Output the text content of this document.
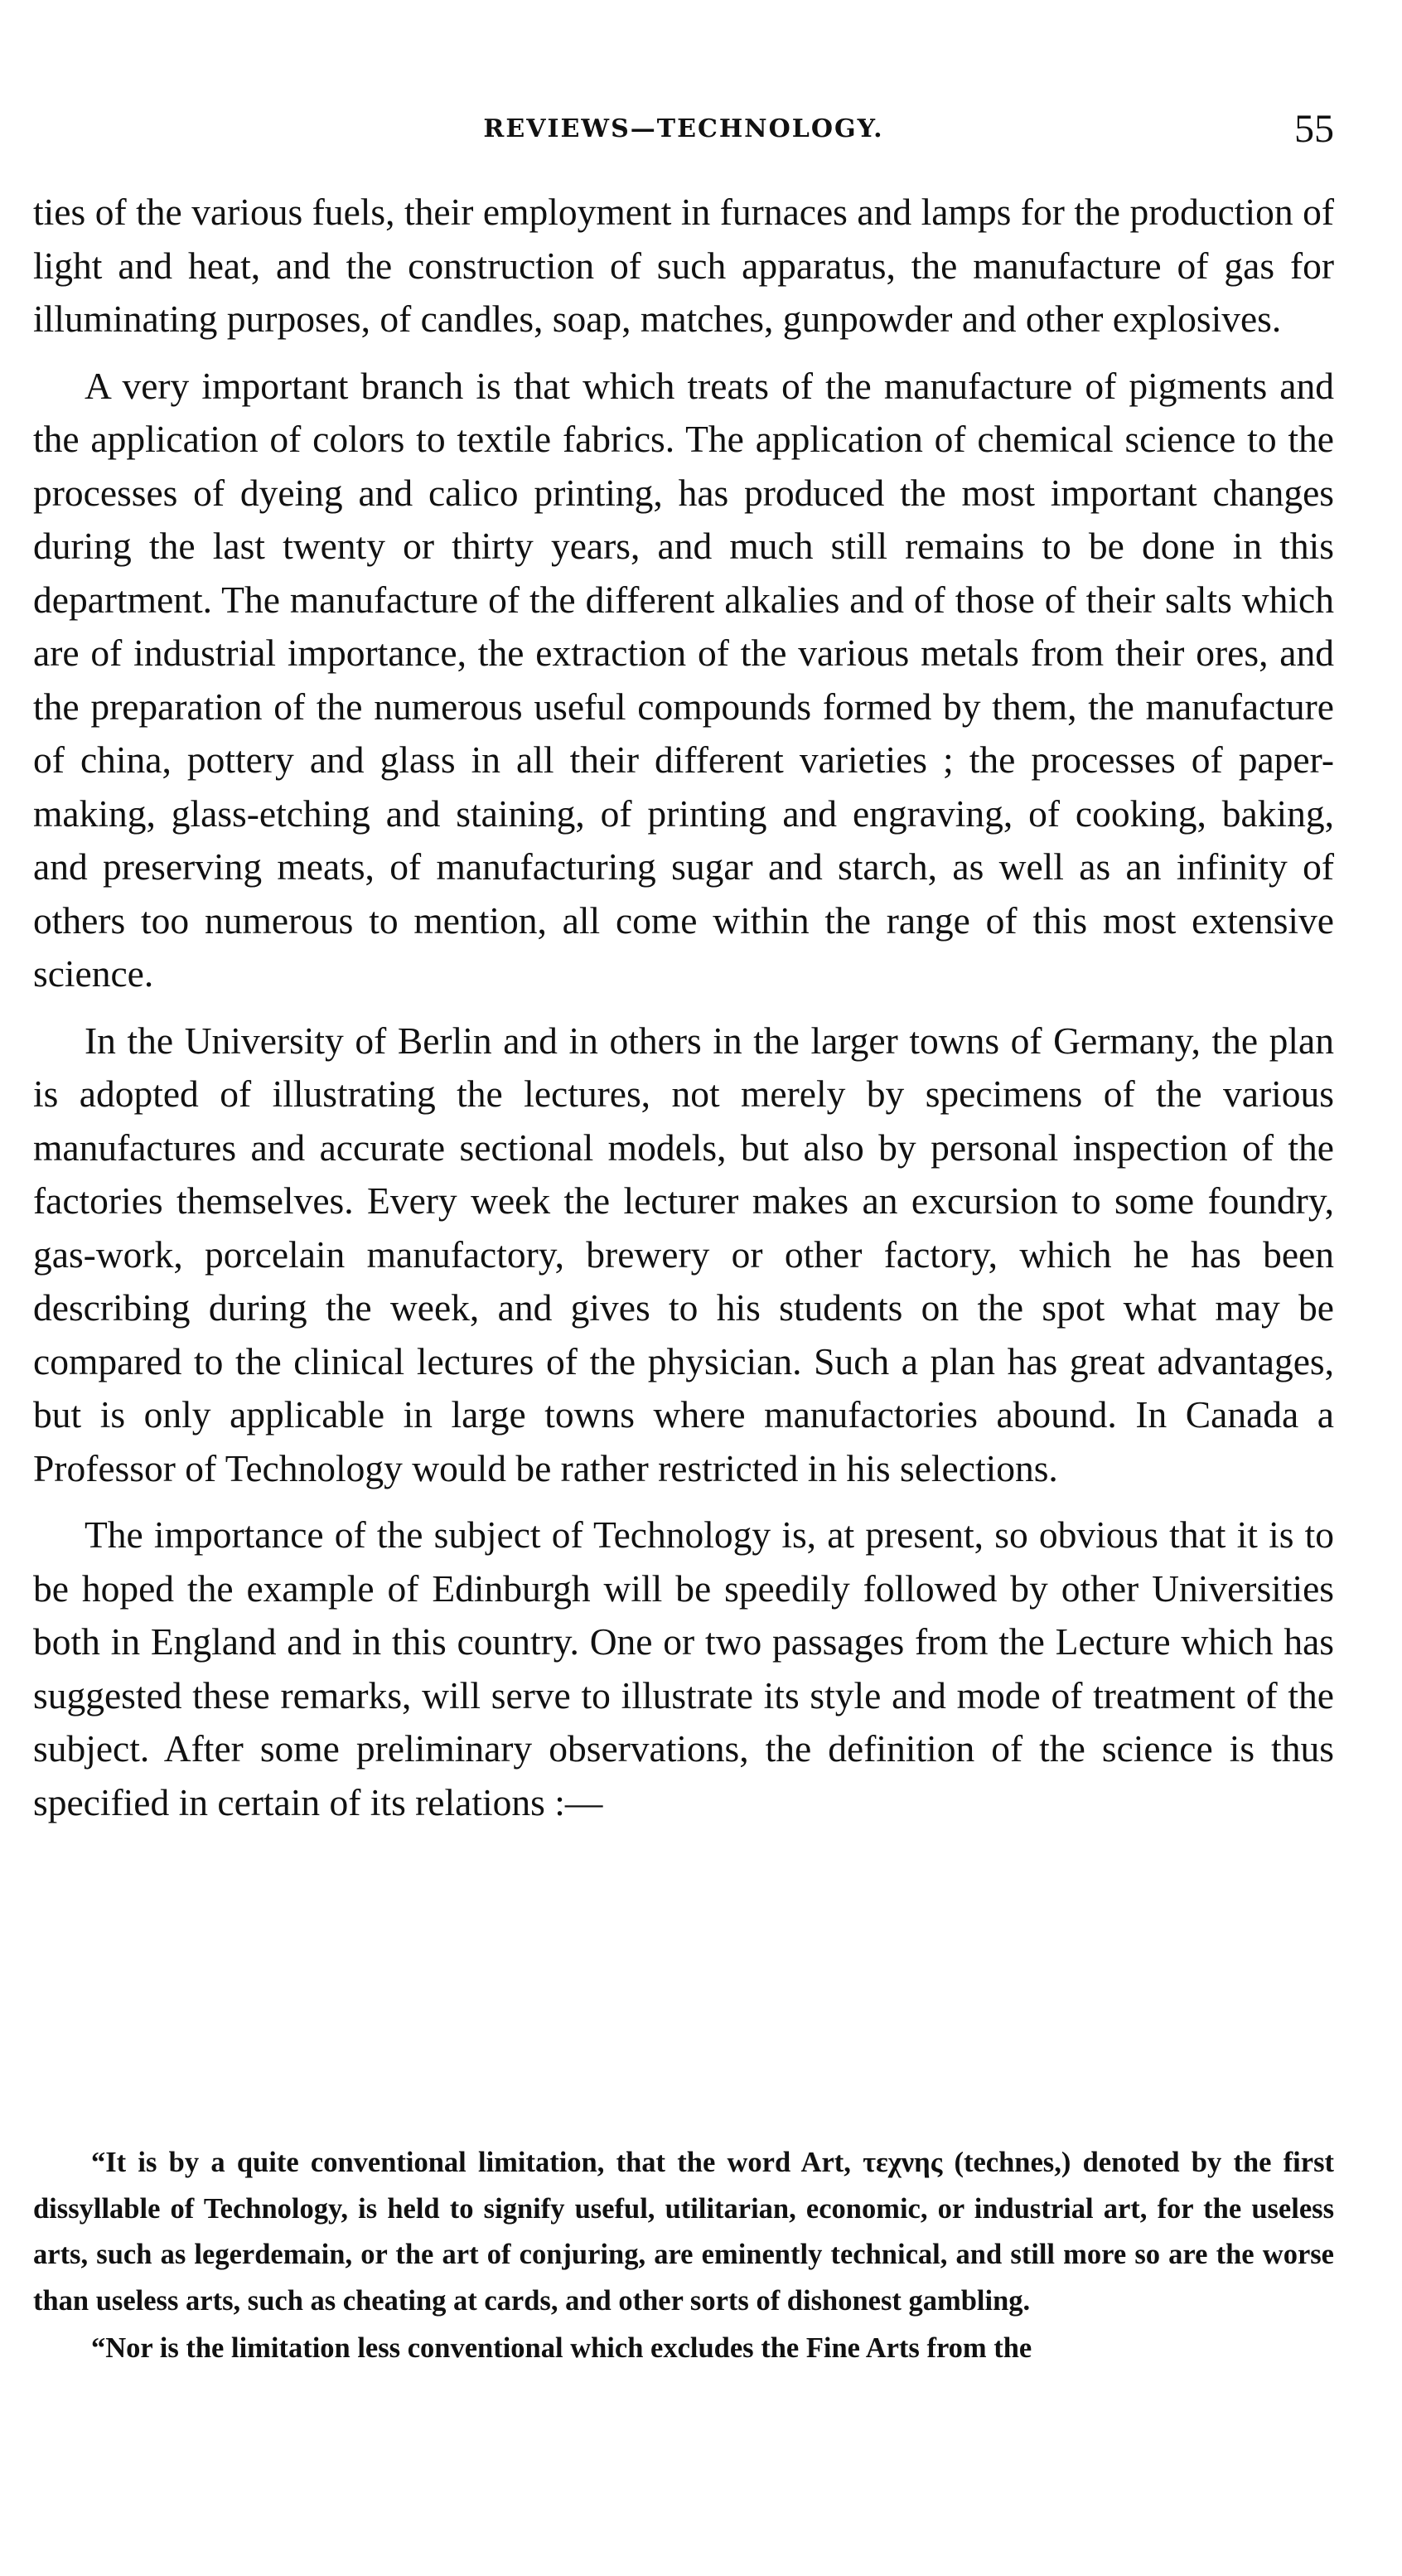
REVIEWS—TECHNOLOGY.	55

ties of the various fuels, their employment in furnaces and lamps for the production of light and heat, and the construction of such apparatus, the manufacture of gas for illuminating purposes, of candles, soap, matches, gunpowder and other explosives.

A very important branch is that which treats of the manufacture of pigments and the application of colors to textile fabrics. The application of chemical science to the processes of dyeing and calico printing, has produced the most important changes during the last twenty or thirty years, and much still remains to be done in this department. The manufacture of the different alkalies and of those of their salts which are of industrial importance, the extraction of the various metals from their ores, and the preparation of the numerous useful compounds formed by them, the manufacture of china, pottery and glass in all their different varieties ; the processes of paper-making, glass-etching and staining, of printing and engraving, of cooking, baking, and preserving meats, of manufacturing sugar and starch, as well as an infinity of others too numerous to mention, all come within the range of this most extensive science.

In the University of Berlin and in others in the larger towns of Germany, the plan is adopted of illustrating the lectures, not merely by specimens of the various manufactures and accurate sectional models, but also by personal inspection of the factories themselves. Every week the lecturer makes an excursion to some foundry, gas-work, porcelain manufactory, brewery or other factory, which he has been describing during the week, and gives to his students on the spot what may be compared to the clinical lectures of the physician. Such a plan has great advantages, but is only applicable in large towns where manufactories abound. In Canada a Professor of Technology would be rather restricted in his selections.

The importance of the subject of Technology is, at present, so obvious that it is to be hoped the example of Edinburgh will be speedily followed by other Universities both in England and in this country. One or two passages from the Lecture which has suggested these remarks, will serve to illustrate its style and mode of treatment of the subject. After some preliminary observations, the definition of the science is thus specified in certain of its relations :—

“It is by a quite conventional limitation, that the word Art, τεχνης (technes,) denoted by the first dissyllable of Technology, is held to signify useful, utilitarian, economic, or industrial art, for the useless arts, such as legerdemain, or the art of conjuring, are eminently technical, and still more so are the worse than useless arts, such as cheating at cards, and other sorts of dishonest gambling.

“Nor is the limitation less conventional which excludes the Fine Arts from the
